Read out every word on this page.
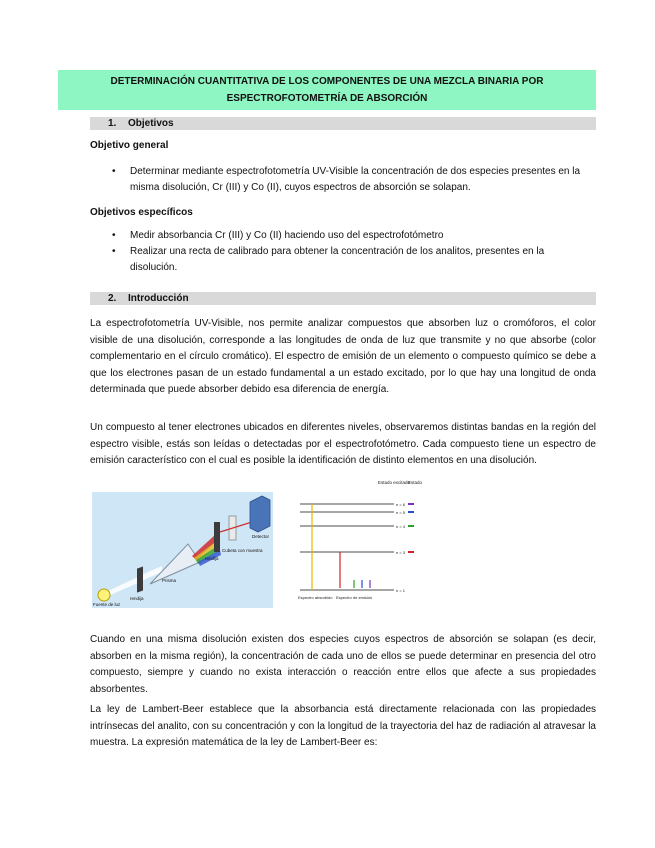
DETERMINACIÓN CUANTITATIVA DE LOS COMPONENTES DE UNA MEZCLA BINARIA POR
ESPECTROFOTOMETRÍA DE ABSORCIÓN
1. Objetivos
Objetivo general
• Determinar mediante espectrofotometría UV-Visible la concentración de dos especies presentes en la misma disolución, Cr (III) y Co (II), cuyos espectros de absorción se solapan.
Objetivos específicos
• Medir absorbancia Cr (III) y Co (II) haciendo uso del espectrofotómetro
• Realizar una recta de calibrado para obtener la concentración de los analitos, presentes en la disolución.
2. Introducción
La espectrofotometría UV-Visible, nos permite analizar compuestos que absorben luz o cromóforos, el color visible de una disolución, corresponde a las longitudes de onda de luz que transmite y no que absorbe (color complementario en el círculo cromático). El espectro de emisión de un elemento o compuesto químico se debe a que los electrones pasan de un estado fundamental a un estado excitado, por lo que hay una longitud de onda determinada que puede absorber debido esa diferencia de energía.
Un compuesto al tener electrones ubicados en diferentes niveles, observaremos distintas bandas en la región del espectro visible, estás son leídas o detectadas por el espectrofotómetro. Cada compuesto tiene un espectro de emisión característico con el cual es posible la identificación de distinto elementos en una disolución.
Detector
Cubeta con muestra
rendija
Prisma
rendija
Fuente de luz
Estado excitado
Estado
n = 6
n = 5
n = 4
n = 3
n = 1
Espectro absorbido Espectro de emisión
Cuando en una misma disolución existen dos especies cuyos espectros de absorción se solapan (es decir, absorben en la misma región), la concentración de cada uno de ellos se puede determinar en presencia del otro compuesto, siempre y cuando no exista interacción o reacción entre ellos que afecte a sus propiedades absorbentes.
La ley de Lambert-Beer establece que la absorbancia está directamente relacionada con las propiedades intrínsecas del analito, con su concentración y con la longitud de la trayectoria del haz de radiación al atravesar la muestra. La expresión matemática de la ley de Lambert-Beer es:
